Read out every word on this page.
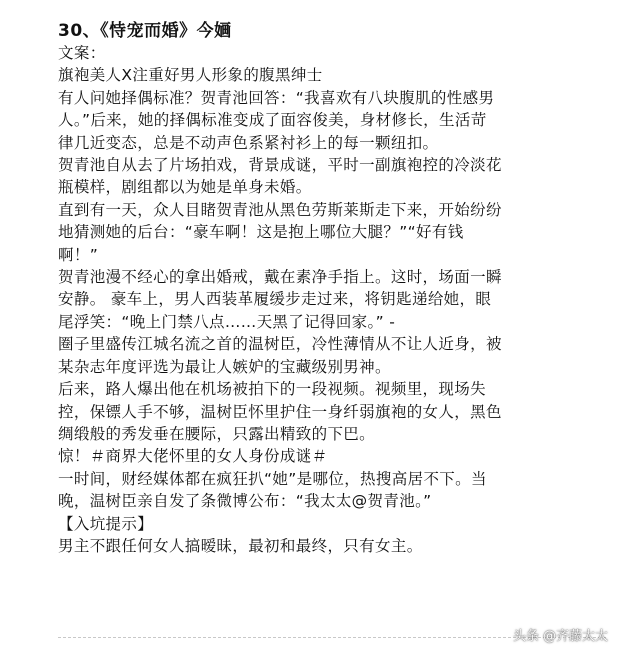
30、《恃宠而婚》今婳
文案：
旗袍美人X注重好男人形象的腹黑绅士
有人问她择偶标准？贺青池回答：“我喜欢有八块腹肌的性感男
人。”后来，她的择偶标准变成了面容俊美，身材修长，生活苛
律几近变态，总是不动声色系紧衬衫上的每一颗纽扣。
贺青池自从去了片场拍戏，背景成谜，平时一副旗袍控的冷淡花
瓶模样，剧组都以为她是单身未婚。
直到有一天，众人目睹贺青池从黑色劳斯莱斯走下来，开始纷纷
地猜测她的后台：“豪车啊！这是抱上哪位大腿？”“好有钱
啊！”
贺青池漫不经心的拿出婚戒，戴在素净手指上。这时，场面一瞬
安静。 豪车上，男人西装革履缓步走过来，将钥匙递给她，眼
尾浮笑：“晚上门禁八点……天黑了记得回家。” -
圈子里盛传江城名流之首的温树臣，冷性薄情从不让人近身，被
某杂志年度评选为最让人嫉妒的宝藏级别男神。
后来，路人爆出他在机场被拍下的一段视频。视频里，现场失
控，保镖人手不够，温树臣怀里护住一身纤弱旗袍的女人，黑色
绸缎般的秀发垂在腰际，只露出精致的下巴。
惊！＃商界大佬怀里的女人身份成谜＃
一时间，财经媒体都在疯狂扒“她”是哪位，热搜高居不下。当
晚，温树臣亲自发了条微博公布：“我太太@贺青池。”
【入坑提示】
男主不跟任何女人搞暧昧，最初和最终，只有女主。
头条 @齐藤太太
